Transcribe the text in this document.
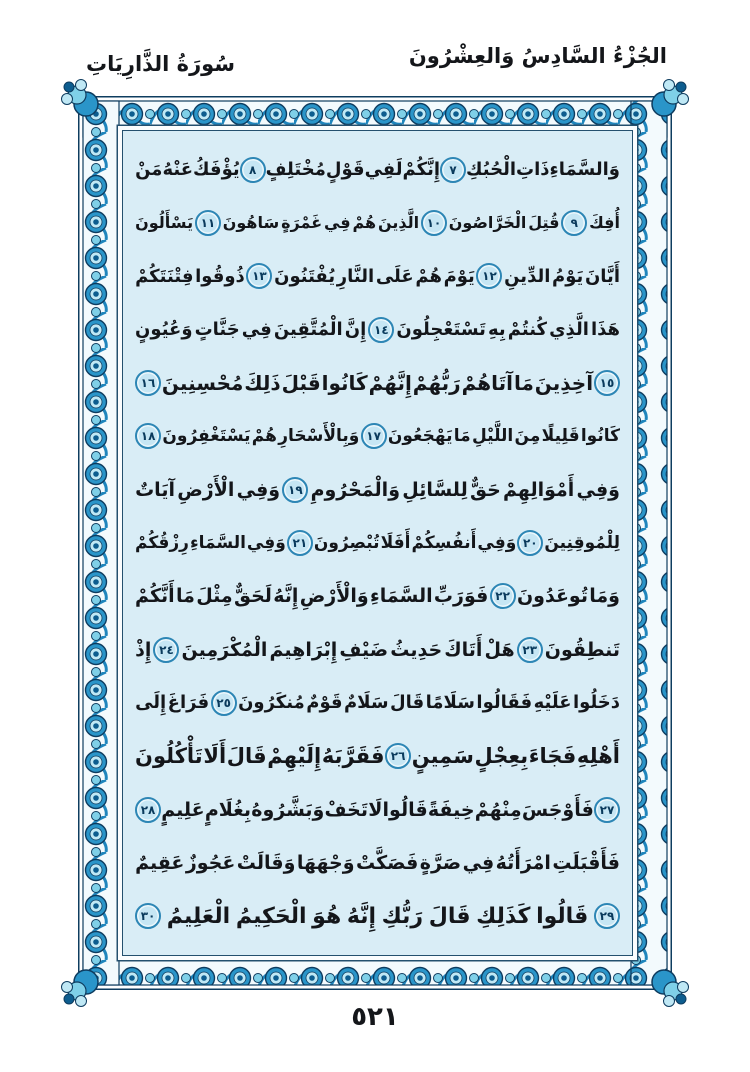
الجُزْءُ السَّادِسُ وَالعِشْرُونَ
سُورَةُ الذَّارِيَاتِ
وَالسَّمَاءِ
ذَاتِ
الْحُبُكِ
٧
إِنَّكُمْ
لَفِي
قَوْلٍ
مُخْتَلِفٍ
٨
يُؤْفَكُ
عَنْهُ
مَنْ
أُفِكَ
٩
قُتِلَ
الْخَرَّاصُونَ
١٠
الَّذِينَ
هُمْ
فِي
غَمْرَةٍ
سَاهُونَ
١١
يَسْأَلُونَ
أَيَّانَ
يَوْمُ
الدِّينِ
١٢
يَوْمَ
هُمْ
عَلَى
النَّارِ
يُفْتَنُونَ
١٣
ذُوقُوا
فِتْنَتَكُمْ
هَذَا
الَّذِي
كُنتُمْ
بِهِ
تَسْتَعْجِلُونَ
١٤
إِنَّ
الْمُتَّقِينَ
فِي
جَنَّاتٍ
وَعُيُونٍ
١٥
آخِذِينَ
مَا
آتَاهُمْ
رَبُّهُمْ
إِنَّهُمْ
كَانُوا
قَبْلَ
ذَلِكَ
مُحْسِنِينَ
١٦
كَانُوا
قَلِيلًا
مِنَ
اللَّيْلِ
مَا
يَهْجَعُونَ
١٧
وَبِالْأَسْحَارِ
هُمْ
يَسْتَغْفِرُونَ
١٨
وَفِي
أَمْوَالِهِمْ
حَقٌّ
لِلسَّائِلِ
وَالْمَحْرُومِ
١٩
وَفِي
الْأَرْضِ
آيَاتٌ
لِلْمُوقِنِينَ
٢٠
وَفِي
أَنفُسِكُمْ
أَفَلَا
تُبْصِرُونَ
٢١
وَفِي
السَّمَاءِ
رِزْقُكُمْ
وَمَا
تُوعَدُونَ
٢٢
فَوَرَبِّ
السَّمَاءِ
وَالْأَرْضِ
إِنَّهُ
لَحَقٌّ
مِثْلَ
مَا
أَنَّكُمْ
تَنطِقُونَ
٢٣
هَلْ
أَتَاكَ
حَدِيثُ
ضَيْفِ
إِبْرَاهِيمَ
الْمُكْرَمِينَ
٢٤
إِذْ
دَخَلُوا
عَلَيْهِ
فَقَالُوا
سَلَامًا
قَالَ
سَلَامٌ
قَوْمٌ
مُنكَرُونَ
٢٥
فَرَاغَ
إِلَى
أَهْلِهِ
فَجَاءَ
بِعِجْلٍ
سَمِينٍ
٢٦
فَقَرَّبَهُ
إِلَيْهِمْ
قَالَ
أَلَا
تَأْكُلُونَ
٢٧
فَأَوْجَسَ
مِنْهُمْ
خِيفَةً
قَالُوا
لَا
تَخَفْ
وَبَشَّرُوهُ
بِغُلَامٍ
عَلِيمٍ
٢٨
فَأَقْبَلَتِ
امْرَأَتُهُ
فِي
صَرَّةٍ
فَصَكَّتْ
وَجْهَهَا
وَقَالَتْ
عَجُوزٌ
عَقِيمٌ
٢٩
قَالُوا
كَذَلِكِ
قَالَ
رَبُّكِ
إِنَّهُ
هُوَ
الْحَكِيمُ
الْعَلِيمُ
٣٠
٥٢١
